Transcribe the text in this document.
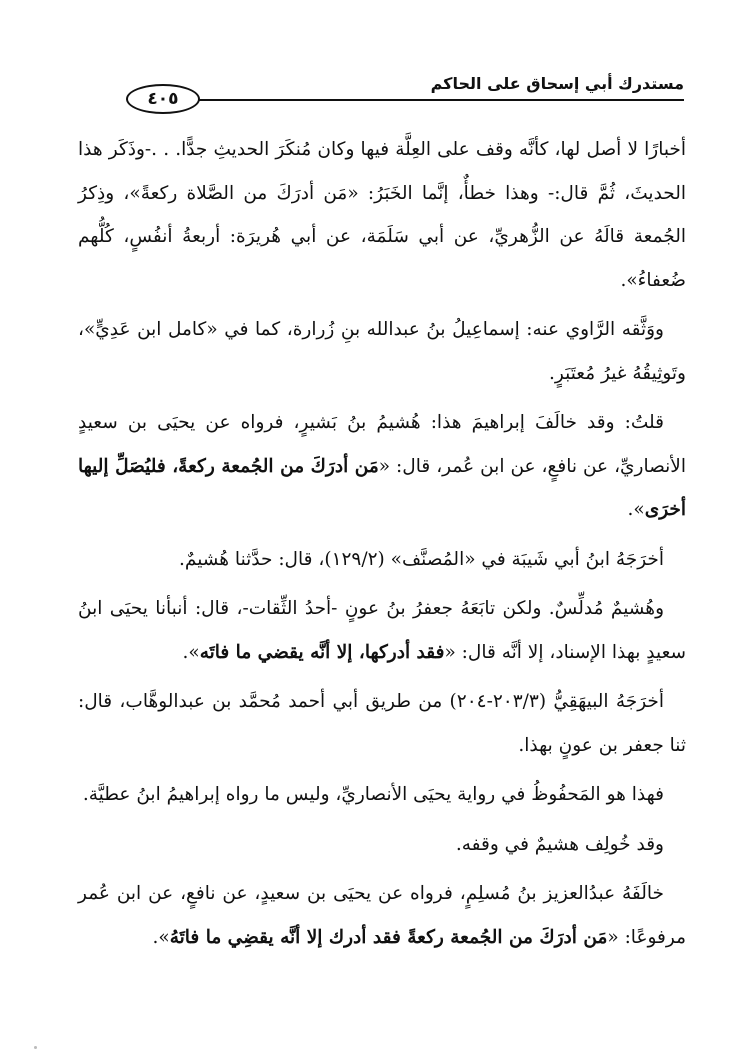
مستدرك أبي إسحاق على الحاكم
٤٠٥

أخبارًا لا أصل لها، كأنَّه وقف على العِلَّة فيها وكان مُنكَرَ الحديثِ جدًّا. . .-وذَكَر هذا الحديثَ، ثُمَّ قال:- وهذا خطأٌ، إنَّما الخَبَرُ: «مَن أدرَكَ من الصَّلاة ركعةً»، وذِكرُ الجُمعة قالَهُ عن الزُّهريِّ، عن أبي سَلَمَة، عن أبي هُريرَة: أربعةُ أنفُسٍ، كُلُّهم ضُعفاءُ».

ووَثَّقه الرَّاوي عنه: إسماعِيلُ بنُ عبدالله بنِ زُرارة، كما في «كامل ابن عَدِيٍّ»، وتَوثِيقُهُ غيرُ مُعتَبَرٍ.

قلتُ: وقد خالَفَ إبراهيمَ هذا: هُشيمُ بنُ بَشيرٍ، فرواه عن يحيَى بن سعيدٍ الأنصاريِّ، عن نافعٍ، عن ابن عُمر، قال: «مَن أدرَكَ من الجُمعة ركعةً، فليُصَلِّ إليها أخرَى».

أخرَجَهُ ابنُ أبي شَيبَة في «المُصنَّف» (١٢٩/٢)، قال: حدَّثنا هُشيمٌ.

وهُشيمٌ مُدلِّسٌ. ولكن تابَعَهُ جعفرُ بنُ عونٍ -أحدُ الثِّقات-، قال: أنبأنا يحيَى ابنُ سعيدٍ بهذا الإسناد، إلا أنَّه قال: «فقد أدركها، إلا أنَّه يقضي ما فاتَه».

أخرَجَهُ البيهَقِيُّ (٢٠٣/٣-٢٠٤) من طريق أبي أحمد مُحمَّد بن عبدالوهَّاب، قال: ثنا جعفر بن عونٍ بهذا.

فهذا هو المَحفُوظُ في رواية يحيَى الأنصاريِّ، وليس ما رواه إبراهيمُ ابنُ عطيَّة.

وقد خُولِف هشيمٌ في وقفه.

خالَفَهُ عبدُالعزيز بنُ مُسلِمٍ، فرواه عن يحيَى بن سعيدٍ، عن نافعٍ، عن ابن عُمر مرفوعًا: «مَن أدرَكَ من الجُمعة ركعةً فقد أدرك إلا أنَّه يقضِي ما فاتَهُ».
